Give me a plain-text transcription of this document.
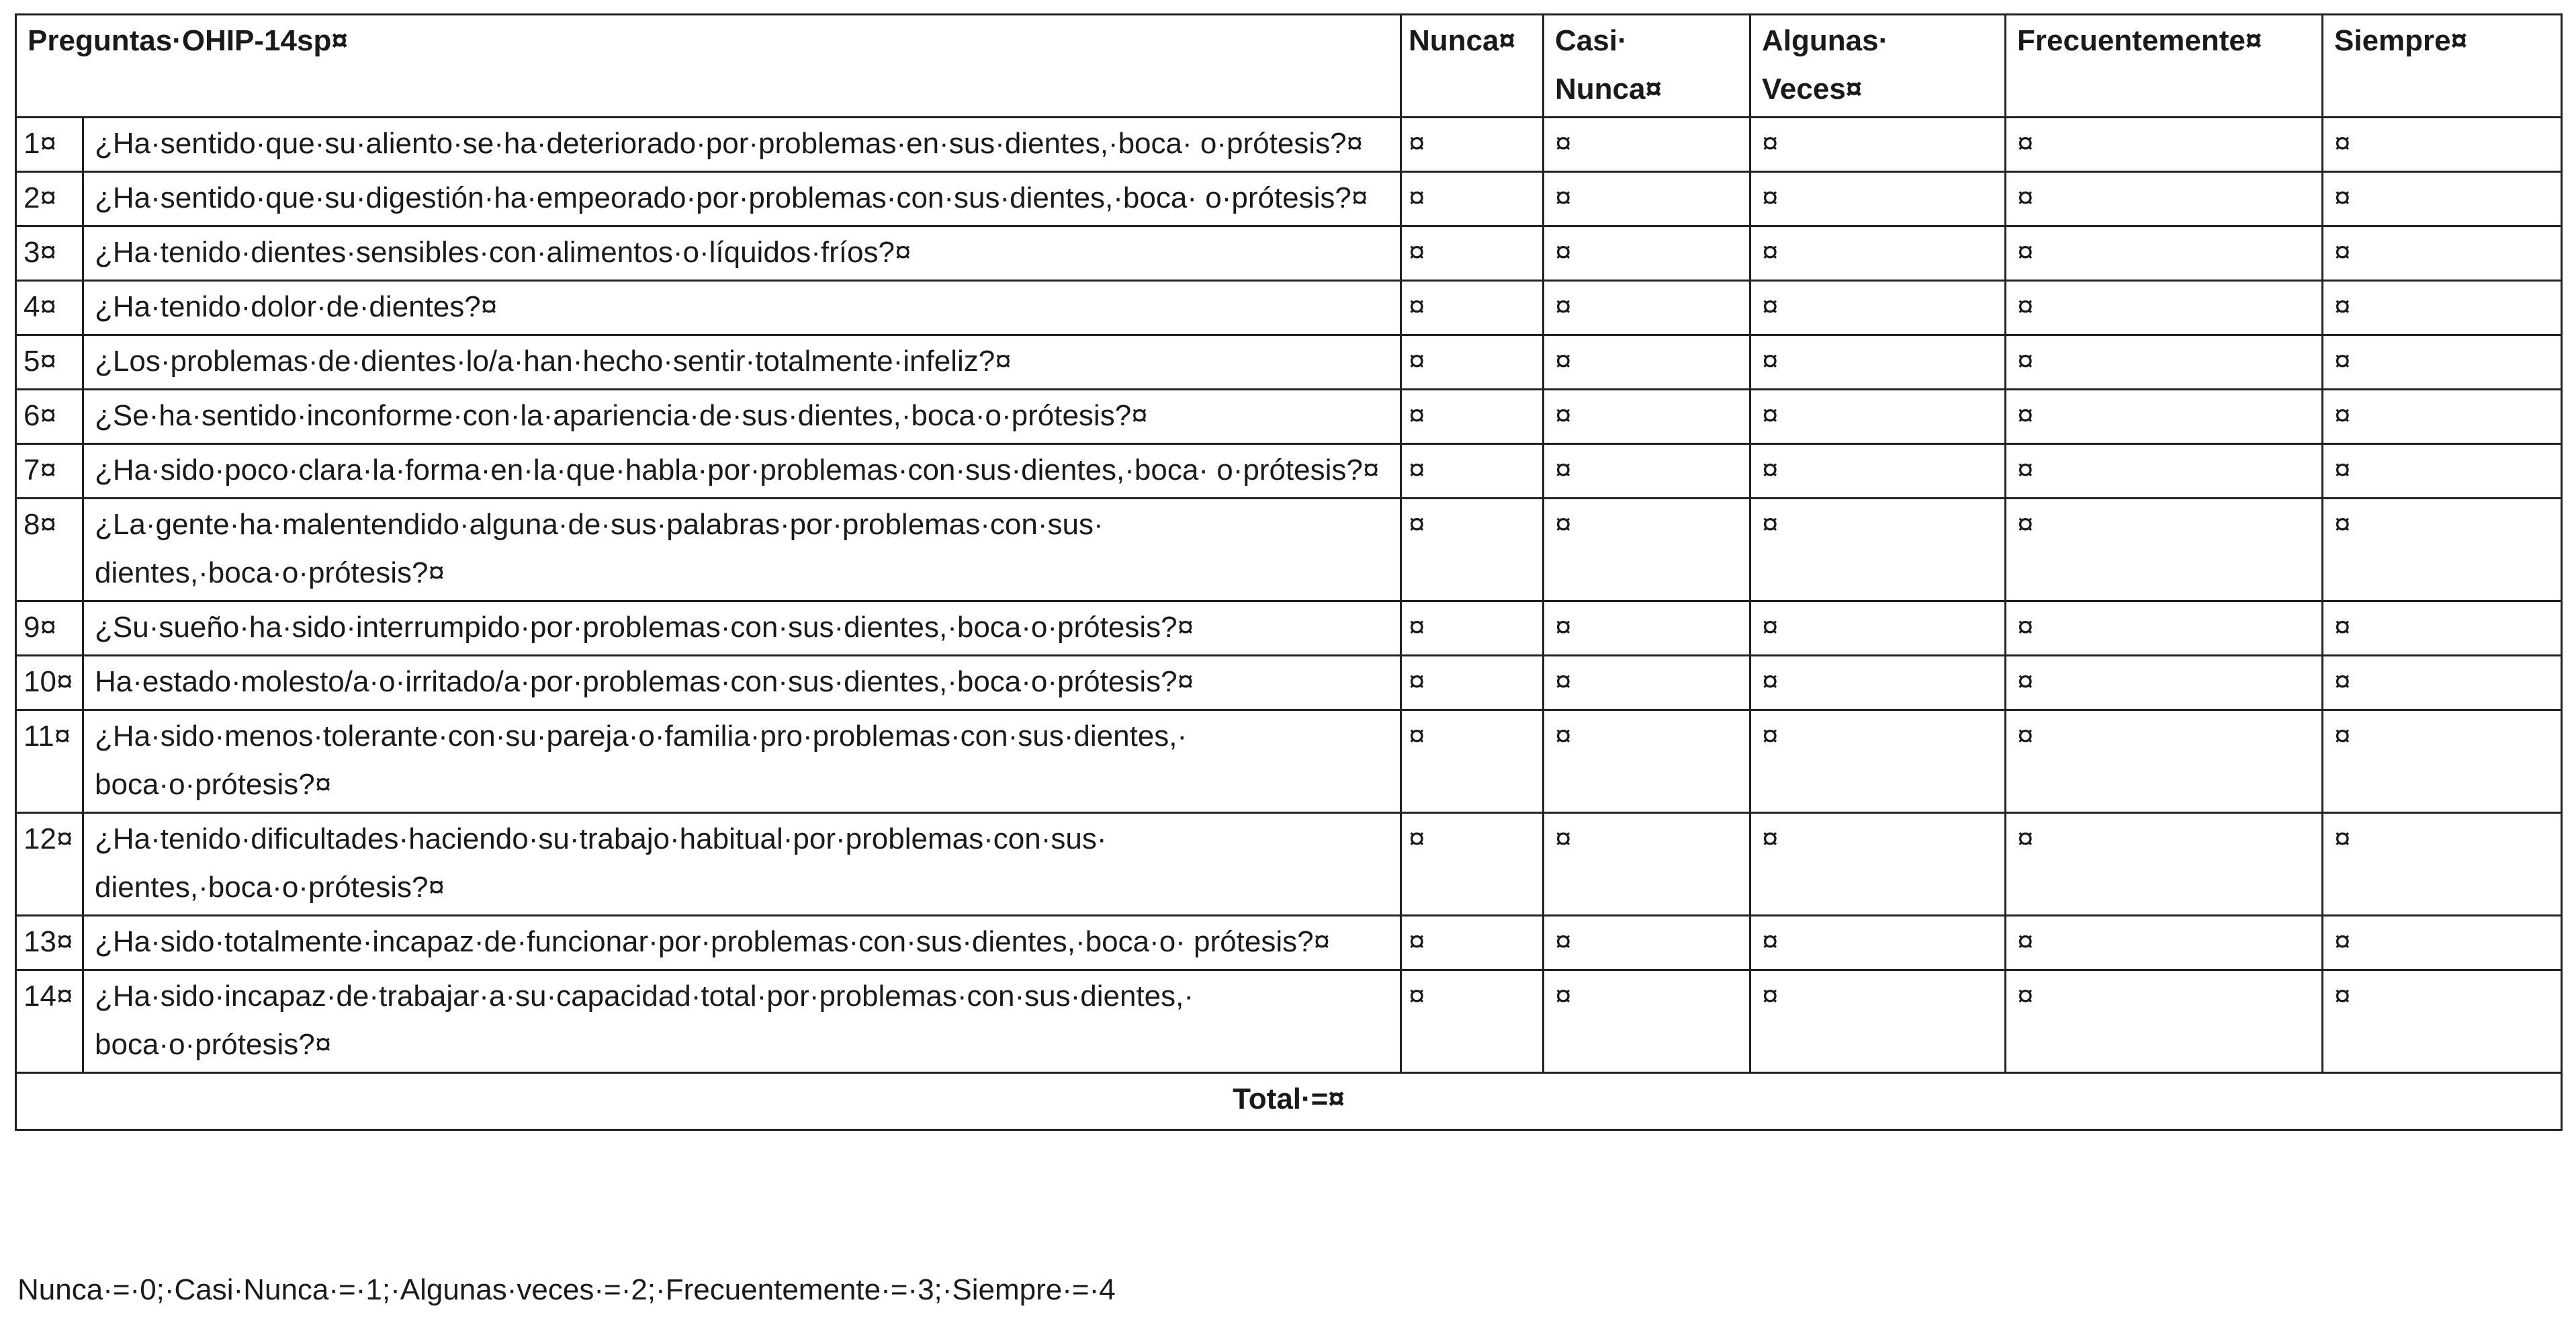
Preguntas·OHIP-14sp¤		Nunca¤	Casi· Nunca¤	Algunas· Veces¤	Frecuentemente¤	Siempre¤
1¤	¿Ha·sentido·que·su·aliento·se·ha·deteriorado·por·problemas·en·sus·dientes,·boca· o·prótesis?¤	¤	¤	¤	¤	¤
2¤	¿Ha·sentido·que·su·digestión·ha·empeorado·por·problemas·con·sus·dientes,·boca· o·prótesis?¤	¤	¤	¤	¤	¤
3¤	¿Ha·tenido·dientes·sensibles·con·alimentos·o·líquidos·fríos?¤	¤	¤	¤	¤	¤
4¤	¿Ha·tenido·dolor·de·dientes?¤	¤	¤	¤	¤	¤
5¤	¿Los·problemas·de·dientes·lo/a·han·hecho·sentir·totalmente·infeliz?¤	¤	¤	¤	¤	¤
6¤	¿Se·ha·sentido·inconforme·con·la·apariencia·de·sus·dientes,·boca·o·prótesis?¤	¤	¤	¤	¤	¤
7¤	¿Ha·sido·poco·clara·la·forma·en·la·que·habla·por·problemas·con·sus·dientes,·boca· o·prótesis?¤	¤	¤	¤	¤	¤
8¤	¿La·gente·ha·malentendido·alguna·de·sus·palabras·por·problemas·con·sus· dientes,·boca·o·prótesis?¤	¤	¤	¤	¤	¤
9¤	¿Su·sueño·ha·sido·interrumpido·por·problemas·con·sus·dientes,·boca·o·prótesis?¤	¤	¤	¤	¤	¤
10¤	Ha·estado·molesto/a·o·irritado/a·por·problemas·con·sus·dientes,·boca·o·prótesis?¤	¤	¤	¤	¤	¤
11¤	¿Ha·sido·menos·tolerante·con·su·pareja·o·familia·pro·problemas·con·sus·dientes,· boca·o·prótesis?¤	¤	¤	¤	¤	¤
12¤	¿Ha·tenido·dificultades·haciendo·su·trabajo·habitual·por·problemas·con·sus· dientes,·boca·o·prótesis?¤	¤	¤	¤	¤	¤
13¤	¿Ha·sido·totalmente·incapaz·de·funcionar·por·problemas·con·sus·dientes,·boca·o· prótesis?¤	¤	¤	¤	¤	¤
14¤	¿Ha·sido·incapaz·de·trabajar·a·su·capacidad·total·por·problemas·con·sus·dientes,· boca·o·prótesis?¤	¤	¤	¤	¤	¤
Total·=¤						
Nunca·=·0;·Casi·Nunca·=·1;·Algunas·veces·=·2;·Frecuentemente·=·3;·Siempre·=·4
